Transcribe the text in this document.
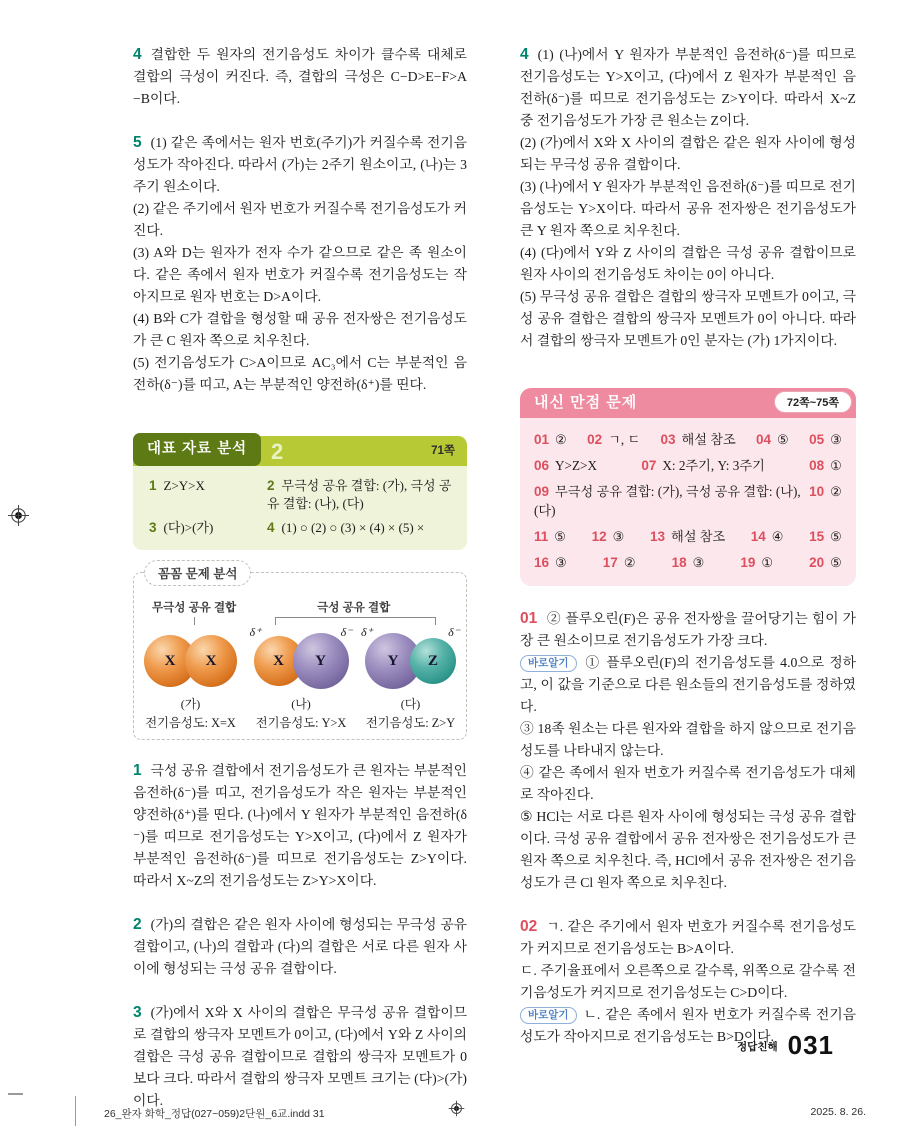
4 결합한 두 원자의 전기음성도 차이가 클수록 대체로 결합의 극성이 커진다. 즉, 결합의 극성은 C−D>E−F>A−B이다.

5 (1) 같은 족에서는 원자 번호(주기)가 커질수록 전기음성도가 작아진다. 따라서 (가)는 2주기 원소이고, (나)는 3주기 원소이다.

(2) 같은 주기에서 원자 번호가 커질수록 전기음성도가 커진다.

(3) A와 D는 원자가 전자 수가 같으므로 같은 족 원소이다. 같은 족에서 원자 번호가 커질수록 전기음성도는 작아지므로 원자 번호는 D>A이다.

(4) B와 C가 결합을 형성할 때 공유 전자쌍은 전기음성도가 큰 C 원자 쪽으로 치우친다.

(5) 전기음성도가 C>A이므로 AC₃에서 C는 부분적인 음전하(δ⁻)를 띠고, A는 부분적인 양전하(δ⁺)를 띤다.

대표 자료 분석	2	71쪽
1 Z>Y>X	2 무극성 공유 결합: (가), 극성 공유 결합: (나), (다)
3 (다)>(가)	4 (1) ○ (2) ○ (3) × (4) × (5) ×
꼼꼼 문제 분석
무극성 공유 결합	극성 공유 결합
X X
(가)
전기음성도: X=X
δ⁺	δ⁻
X Y
(나)
전기음성도: Y>X
δ⁺	δ⁻
Y Z
(다)
전기음성도: Z>Y

1 극성 공유 결합에서 전기음성도가 큰 원자는 부분적인 음전하(δ⁻)를 띠고, 전기음성도가 작은 원자는 부분적인 양전하(δ⁺)를 띤다. (나)에서 Y 원자가 부분적인 음전하(δ⁻)를 띠므로 전기음성도는 Y>X이고, (다)에서 Z 원자가 부분적인 음전하(δ⁻)를 띠므로 전기음성도는 Z>Y이다. 따라서 X~Z의 전기음성도는 Z>Y>X이다.

2 (가)의 결합은 같은 원자 사이에 형성되는 무극성 공유 결합이고, (나)의 결합과 (다)의 결합은 서로 다른 원자 사이에 형성되는 극성 공유 결합이다.

3 (가)에서 X와 X 사이의 결합은 무극성 공유 결합이므로 결합의 쌍극자 모멘트가 0이고, (다)에서 Y와 Z 사이의 결합은 극성 공유 결합이므로 결합의 쌍극자 모멘트가 0보다 크다. 따라서 결합의 쌍극자 모멘트 크기는 (다)>(가)이다.

4 (1) (나)에서 Y 원자가 부분적인 음전하(δ⁻)를 띠므로 전기음성도는 Y>X이고, (다)에서 Z 원자가 부분적인 음전하(δ⁻)를 띠므로 전기음성도는 Z>Y이다. 따라서 X~Z 중 전기음성도가 가장 큰 원소는 Z이다.

(2) (가)에서 X와 X 사이의 결합은 같은 원자 사이에 형성되는 무극성 공유 결합이다.

(3) (나)에서 Y 원자가 부분적인 음전하(δ⁻)를 띠므로 전기음성도는 Y>X이다. 따라서 공유 전자쌍은 전기음성도가 큰 Y 원자 쪽으로 치우친다.

(4) (다)에서 Y와 Z 사이의 결합은 극성 공유 결합이므로 원자 사이의 전기음성도 차이는 0이 아니다.

(5) 무극성 공유 결합은 결합의 쌍극자 모멘트가 0이고, 극성 공유 결합은 결합의 쌍극자 모멘트가 0이 아니다. 따라서 결합의 쌍극자 모멘트가 0인 분자는 (가) 1가지이다.

내신 만점 문제	72쪽~75쪽
01 ② 02 ㄱ, ㄷ 03 해설 참조 04 ⑤ 05 ③
06 Y>Z>X	07 X: 2주기, Y: 3주기	08 ①
09 무극성 공유 결합: (가), 극성 공유 결합: (나), (다)
10 ②
11 ⑤ 12 ③ 13 해설 참조 14 ④ 15 ⑤
16 ③	17 ②	18 ③	19 ①	20 ⑤

01 ② 플루오린(F)은 공유 전자쌍을 끌어당기는 힘이 가장 큰 원소이므로 전기음성도가 가장 크다.

바로알기 ① 플루오린(F)의 전기음성도를 4.0으로 정하고, 이 값을 기준으로 다른 원소들의 전기음성도를 정하였다.

③ 18족 원소는 다른 원자와 결합을 하지 않으므로 전기음성도를 나타내지 않는다.

④ 같은 족에서 원자 번호가 커질수록 전기음성도가 대체로 작아진다.

⑤ HCl는 서로 다른 원자 사이에 형성되는 극성 공유 결합이다. 극성 공유 결합에서 공유 전자쌍은 전기음성도가 큰 원자 쪽으로 치우친다. 즉, HCl에서 공유 전자쌍은 전기음성도가 큰 Cl 원자 쪽으로 치우친다.

02 ㄱ. 같은 주기에서 원자 번호가 커질수록 전기음성도가 커지므로 전기음성도는 B>A이다.

ㄷ. 주기율표에서 오른쪽으로 갈수록, 위쪽으로 갈수록 전기음성도가 커지므로 전기음성도는 C>D이다.

바로알기 ㄴ. 같은 족에서 원자 번호가 커질수록 전기음성도가 작아지므로 전기음성도는 B>D이다.

$^{정답친해}$ 031
26_완자 화학_정답(027~059)2단원_6교.indd 31	2025. 8. 26.
